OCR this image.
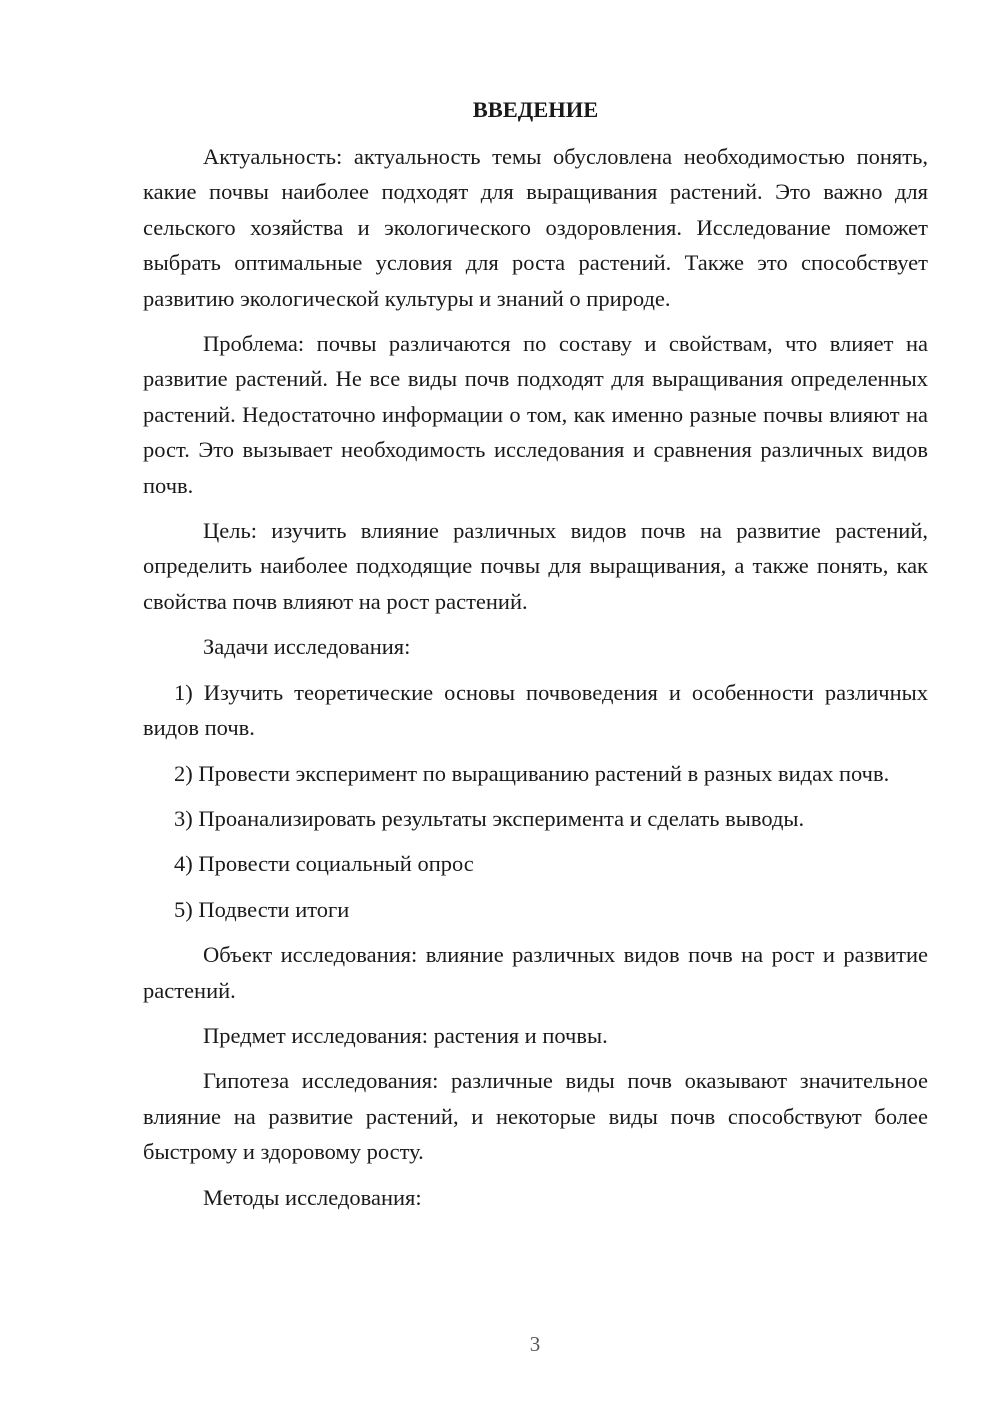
ВВЕДЕНИЕ

Актуальность: актуальность темы обусловлена необходимостью понять, какие почвы наиболее подходят для выращивания растений. Это важно для сельского хозяйства и экологического оздоровления. Исследование поможет выбрать оптимальные условия для роста растений. Также это способствует развитию экологической культуры и знаний о природе.

Проблема: почвы различаются по составу и свойствам, что влияет на развитие растений. Не все виды почв подходят для выращивания определенных растений. Недостаточно информации о том, как именно разные почвы влияют на рост. Это вызывает необходимость исследования и сравнения различных видов почв.

Цель: изучить влияние различных видов почв на развитие растений, определить наиболее подходящие почвы для выращивания, а также понять, как свойства почв влияют на рост растений.

Задачи исследования:

1) Изучить теоретические основы почвоведения и особенности различных видов почв.

2) Провести эксперимент по выращиванию растений в разных видах почв.

3) Проанализировать результаты эксперимента и сделать выводы.

4) Провести социальный опрос

5) Подвести итоги

Объект исследования: влияние различных видов почв на рост и развитие растений.

Предмет исследования: растения и почвы.

Гипотеза исследования: различные виды почв оказывают значительное влияние на развитие растений, и некоторые виды почв способствуют более быстрому и здоровому росту.

Методы исследования:

3
